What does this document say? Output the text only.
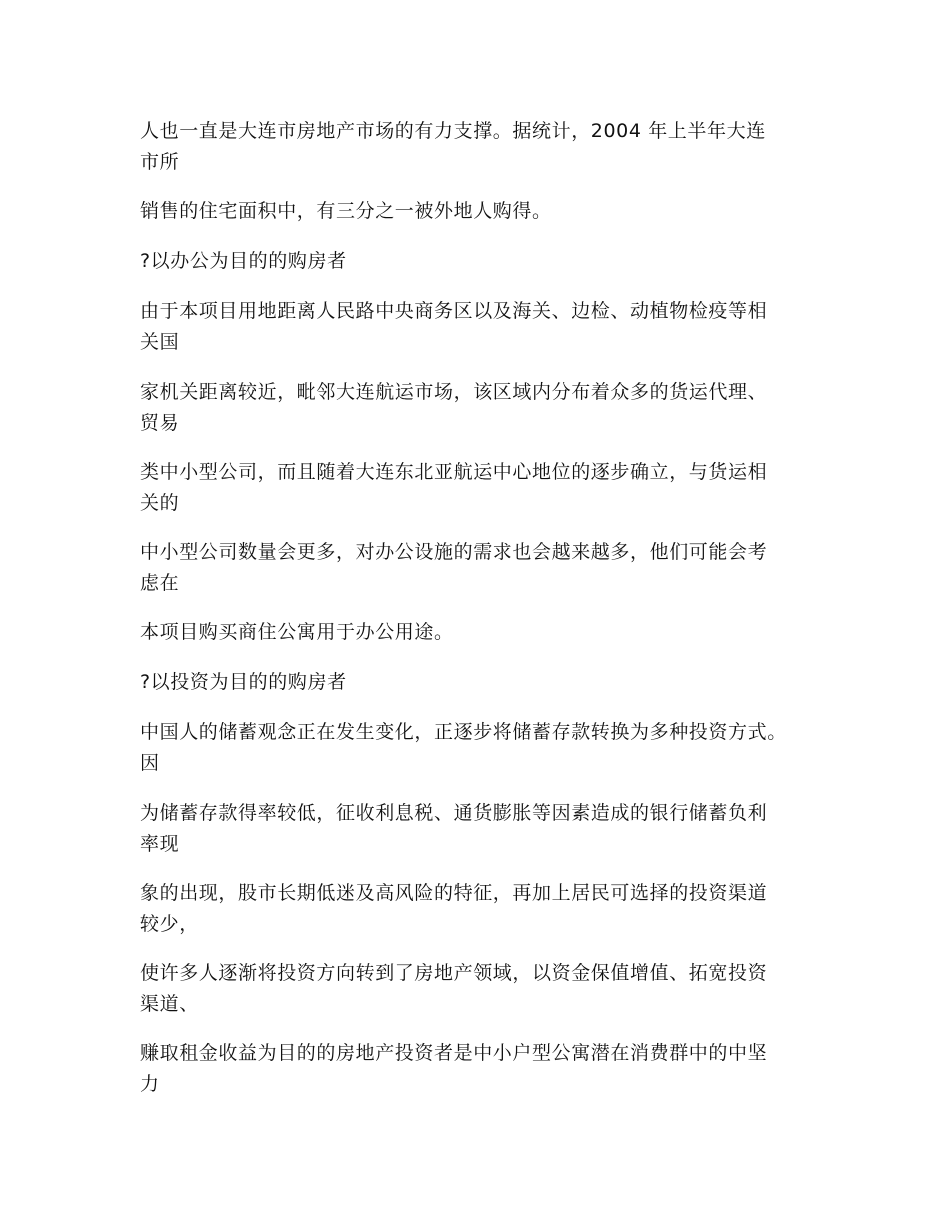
人也一直是大连市房地产市场的有力支撑。据统计，2004 年上半年大连
市所

销售的住宅面积中，有三分之一被外地人购得。

?以办公为目的的购房者

由于本项目用地距离人民路中央商务区以及海关、边检、动植物检疫等相
关国

家机关距离较近，毗邻大连航运市场，该区域内分布着众多的货运代理、
贸易

类中小型公司，而且随着大连东北亚航运中心地位的逐步确立，与货运相
关的

中小型公司数量会更多，对办公设施的需求也会越来越多，他们可能会考
虑在

本项目购买商住公寓用于办公用途。

?以投资为目的的购房者

中国人的储蓄观念正在发生变化，正逐步将储蓄存款转换为多种投资方式。
因

为储蓄存款得率较低，征收利息税、通货膨胀等因素造成的银行储蓄负利
率现

象的出现，股市长期低迷及高风险的特征，再加上居民可选择的投资渠道
较少，

使许多人逐渐将投资方向转到了房地产领域，以资金保值增值、拓宽投资
渠道、

赚取租金收益为目的的房地产投资者是中小户型公寓潜在消费群中的中坚
力
